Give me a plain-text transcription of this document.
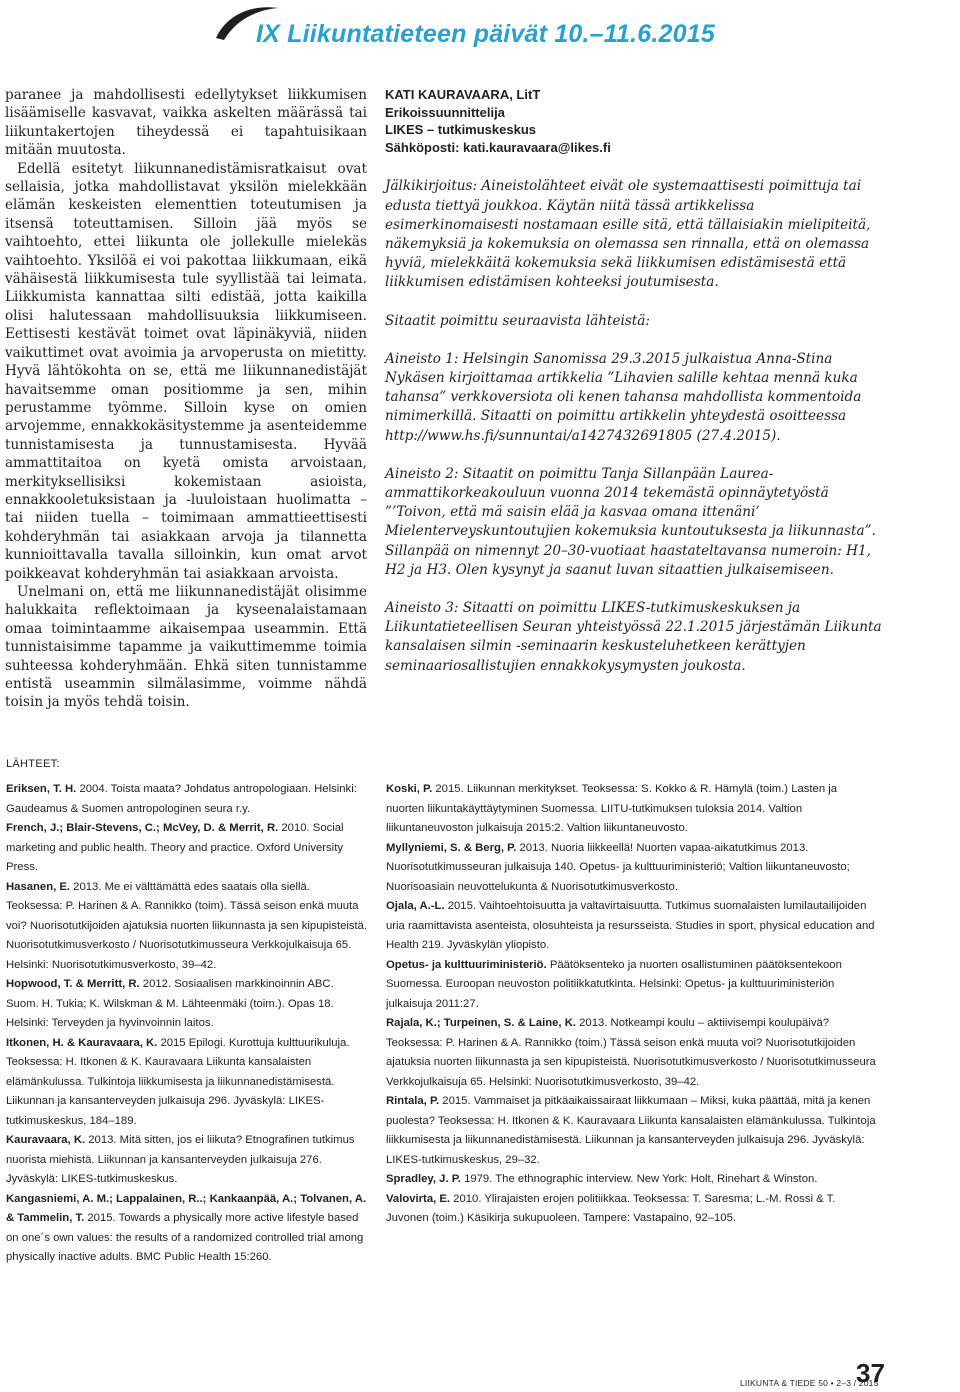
IX Liikuntatieteen päivät 10.–11.6.2015

paranee ja mahdollisesti edellytykset liikkumisen lisäämiselle kasvavat, vaikka askelten määrässä tai liikuntakertojen tiheydessä ei tapahtuisikaan mitään muutosta.

Edellä esitetyt liikunnanedistämisratkaisut ovat sellaisia, jotka mahdollistavat yksilön mielekkään elämän keskeisten elementtien toteutumisen ja itsensä toteuttamisen. Silloin jää myös se vaihtoehto, ettei liikunta ole jollekulle mielekäs vaihtoehto. Yksilöä ei voi pakottaa liikkumaan, eikä vähäisestä liikkumisesta tule syyllistää tai leimata. Liikkumista kannattaa silti edistää, jotta kaikilla olisi halutessaan mahdollisuuksia liikkumiseen. Eettisesti kestävät toimet ovat läpinäkyviä, niiden vaikuttimet ovat avoimia ja arvoperusta on mietitty. Hyvä lähtökohta on se, että me liikunnanedistäjät havaitsemme oman positiomme ja sen, mihin perustamme työmme. Silloin kyse on omien arvojemme, ennakkokäsitystemme ja asenteidemme tunnistamisesta ja tunnustamisesta. Hyvää ammattitaitoa on kyetä omista arvoistaan, merkityksellisiksi kokemistaan asioista, ennakkooletuksistaan ja -luuloistaan huolimatta – tai niiden tuella – toimimaan ammattieettisesti kohderyhmän tai asiakkaan arvoja ja tilannetta kunnioittavalla tavalla silloinkin, kun omat arvot poikkeavat kohderyhmän tai asiakkaan arvoista.

Unelmani on, että me liikunnanedistäjät olisimme halukkaita reflektoimaan ja kyseenalaistamaan omaa toimintaamme aikaisempaa useammin. Että tunnistaisimme tapamme ja vaikuttimemme toimia suhteessa kohderyhmään. Ehkä siten tunnistamme entistä useammin silmälasimme, voimme nähdä toisin ja myös tehdä toisin.

KATI KAURAVAARA, LitT
Erikoissuunnittelija
LIKES – tutkimuskeskus
Sähköposti: kati.kauravaara@likes.fi

Jälkikirjoitus: Aineistolähteet eivät ole systemaattisesti poimittuja tai edusta tiettyä joukkoa. Käytän niitä tässä artikkelissa esimerkinomaisesti nostamaan esille sitä, että tällaisiakin mielipiteitä, näkemyksiä ja kokemuksia on olemassa sen rinnalla, että on olemassa hyviä, mielekkäitä kokemuksia sekä liikkumisen edistämisestä että liikkumisen edistämisen kohteeksi joutumisesta.

Sitaatit poimittu seuraavista lähteistä:

Aineisto 1: Helsingin Sanomissa 29.3.2015 julkaistua Anna-Stina Nykäsen kirjoittamaa artikkelia ”Lihavien salille kehtaa mennä kuka tahansa” verkkoversiota oli kenen tahansa mahdollista kommentoida nimimerkillä. Sitaatti on poimittu artikkelin yhteydestä osoitteessa http://www.hs.fi/sunnuntai/a1427432691805 (27.4.2015).

Aineisto 2: Sitaatit on poimittu Tanja Sillanpään Laurea-ammattikorkeakouluun vuonna 2014 tekemästä opinnäytetyöstä ”’Toivon, että mä saisin elää ja kasvaa omana ittenäni’ Mielenterveyskuntoutujien kokemuksia kuntoutuksesta ja liikunnasta”. Sillanpää on nimennyt 20–30-vuotiaat haastateltavansa numeroin: H1, H2 ja H3. Olen kysynyt ja saanut luvan sitaattien julkaisemiseen.

Aineisto 3: Sitaatti on poimittu LIKES-tutkimuskeskuksen ja Liikuntatieteellisen Seuran yhteistyössä 22.1.2015 järjestämän Liikunta kansalaisen silmin -seminaarin keskusteluhetkeen kerättyjen seminaariosallistujien ennakkokysymysten joukosta.

LÄHTEET:

Eriksen, T. H. 2004. Toista maata? Johdatus antropologiaan. Helsinki: Gaudeamus & Suomen antropologinen seura r.y.

French, J.; Blair-Stevens, C.; McVey, D. & Merrit, R. 2010. Social marketing and public health. Theory and practice. Oxford University Press.

Hasanen, E. 2013. Me ei välttämättä edes saatais olla siellä. Teoksessa: P. Harinen & A. Rannikko (toim). Tässä seison enkä muuta voi? Nuorisotutkijoiden ajatuksia nuorten liikunnasta ja sen kipupisteistä. Nuorisotutkimusverkosto / Nuorisotutkimusseura Verkkojulkaisuja 65. Helsinki: Nuorisotutkimusverkosto, 39–42.

Hopwood, T. & Merritt, R. 2012. Sosiaalisen markkinoinnin ABC. Suom. H. Tukia; K. Wilskman & M. Lähteenmäki (toim.). Opas 18. Helsinki: Terveyden ja hyvinvoinnin laitos.

Itkonen, H. & Kauravaara, K. 2015 Epilogi. Kurottuja kulttuurikuluja. Teoksessa: H. Itkonen & K. Kauravaara Liikunta kansalaisten elämänkulussa. Tulkintoja liikkumisesta ja liikunnanedistämisestä. Liikunnan ja kansanterveyden julkaisuja 296. Jyväskylä: LIKES-tutkimuskeskus, 184–189.

Kauravaara, K. 2013. Mitä sitten, jos ei liikuta? Etnografinen tutkimus nuorista miehistä. Liikunnan ja kansanterveyden julkaisuja 276. Jyväskylä: LIKES-tutkimuskeskus.

Kangasniemi, A. M.; Lappalainen, R..; Kankaanpää, A.; Tolvanen, A. & Tammelin, T. 2015. Towards a physically more active lifestyle based on one´s own values: the results of a randomized controlled trial among physically inactive adults. BMC Public Health 15:260.

Koski, P. 2015. Liikunnan merkitykset. Teoksessa: S. Kokko & R. Hämylä (toim.) Lasten ja nuorten liikuntakäyttäytyminen Suomessa. LIITU-tutkimuksen tuloksia 2014. Valtion liikuntaneuvoston julkaisuja 2015:2. Valtion liikuntaneuvosto.

Myllyniemi, S. & Berg, P. 2013. Nuoria liikkeellä! Nuorten vapaa-aikatutkimus 2013. Nuorisotutkimusseuran julkaisuja 140. Opetus- ja kulttuuriministeriö; Valtion liikuntaneuvosto; Nuorisoasiain neuvottelukunta & Nuorisotutkimusverkosto.

Ojala, A.-L. 2015. Vaihtoehtoisuutta ja valtavirtaisuutta. Tutkimus suomalaisten lumilautailijoiden uria raamittavista asenteista, olosuhteista ja resursseista. Studies in sport, physical education and Health 219. Jyväskylän yliopisto.

Opetus- ja kulttuuriministeriö. Päätöksenteko ja nuorten osallistuminen päätöksentekoon Suomessa. Euroopan neuvoston politiikkatutkinta. Helsinki: Opetus- ja kulttuuriministeriön julkaisuja 2011:27.

Rajala, K.; Turpeinen, S. & Laine, K. 2013. Notkeampi koulu – aktiivisempi koulupäivä? Teoksessa: P. Harinen & A. Rannikko (toim.) Tässä seison enkä muuta voi? Nuorisotutkijoiden ajatuksia nuorten liikunnasta ja sen kipupisteistä. Nuorisotutkimusverkosto / Nuorisotutkimusseura Verkkojulkaisuja 65. Helsinki: Nuorisotutkimusverkosto, 39–42.

Rintala, P. 2015. Vammaiset ja pitkäaikaissairaat liikkumaan – Miksi, kuka päättää, mitä ja kenen puolesta? Teoksessa: H. Itkonen & K. Kauravaara Liikunta kansalaisten elämänkulussa. Tulkintoja liikkumisesta ja liikunnanedistämisestä. Liikunnan ja kansanterveyden julkaisuja 296. Jyväskylä: LIKES-tutkimuskeskus, 29–32.

Spradley, J. P. 1979. The ethnographic interview. New York: Holt, Rinehart & Winston.

Valovirta, E. 2010. Ylirajaisten erojen politiikkaa. Teoksessa: T. Saresma; L.-M. Rossi & T. Juvonen (toim.) Käsikirja sukupuoleen. Tampere: Vastapaino, 92–105.

LIIKUNTA & TIEDE 50 • 2–3 / 2015
37
